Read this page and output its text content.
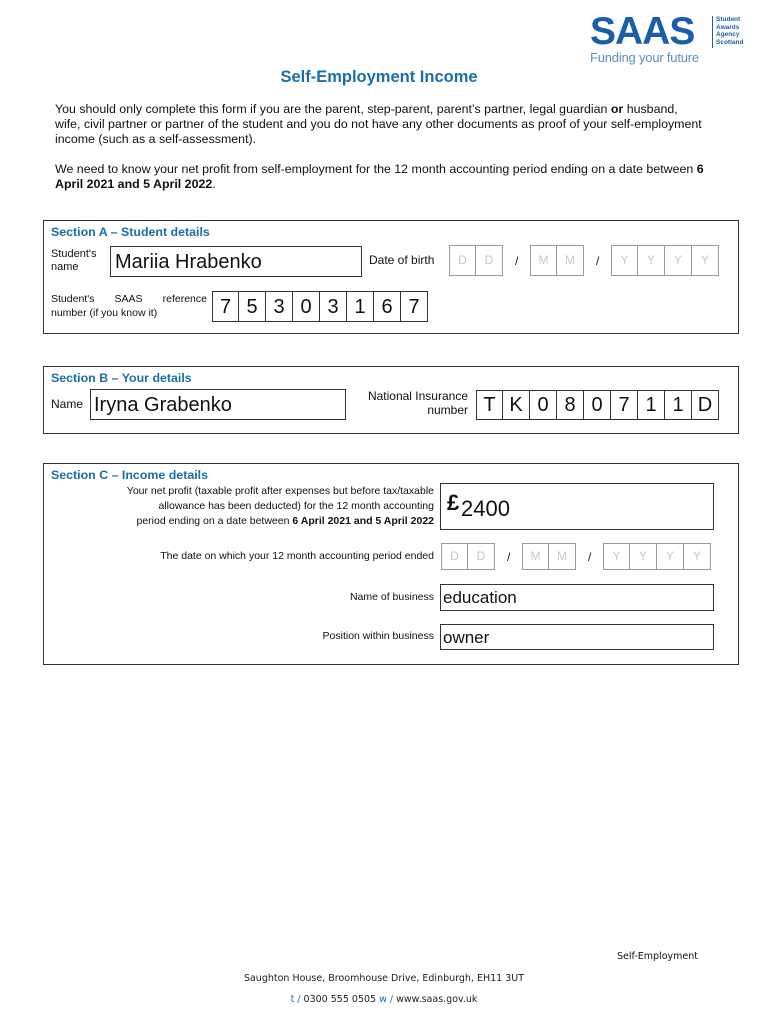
SAAS	Student
Awards
Agency
Scotland
Funding your future
Self-Employment Income

You should only complete this form if you are the parent, step-parent, parent’s partner, legal guardian or husband, wife, civil partner or partner of the student and you do not have any other documents as proof of your self-employment income (such as a self-assessment).

We need to know your net profit from self-employment for the 12 month accounting period ending on a date between 6 April 2021 and 5 April 2022.

Section A – Student details
Student's name	Mariia Hrabenko	Date of birth	D	D	/	M	M	/	Y	Y	Y	Y
Student's SAAS reference
number (if you know it)	7 5 3 0 3 1 6 7
Section B – Your details
Name Iryna Grabenko	National Insurance
number T K 0 8 0 7 1 1 D
Section C – Income details
Your net profit (taxable profit after expenses but before tax/taxable
allowance has been deducted) for the 12 month accounting
period ending on a date between 6 April 2021 and 5 April 2022
£ 2400
The date on which your 12 month accounting period ended	D	D	/	M	M	/	Y	Y	Y	Y
Name of business education
Position within business owner
Self-Employment
Saughton House, Broomhouse Drive, Edinburgh, EH11 3UT
t / 0300 555 0505 w / www.saas.gov.uk
